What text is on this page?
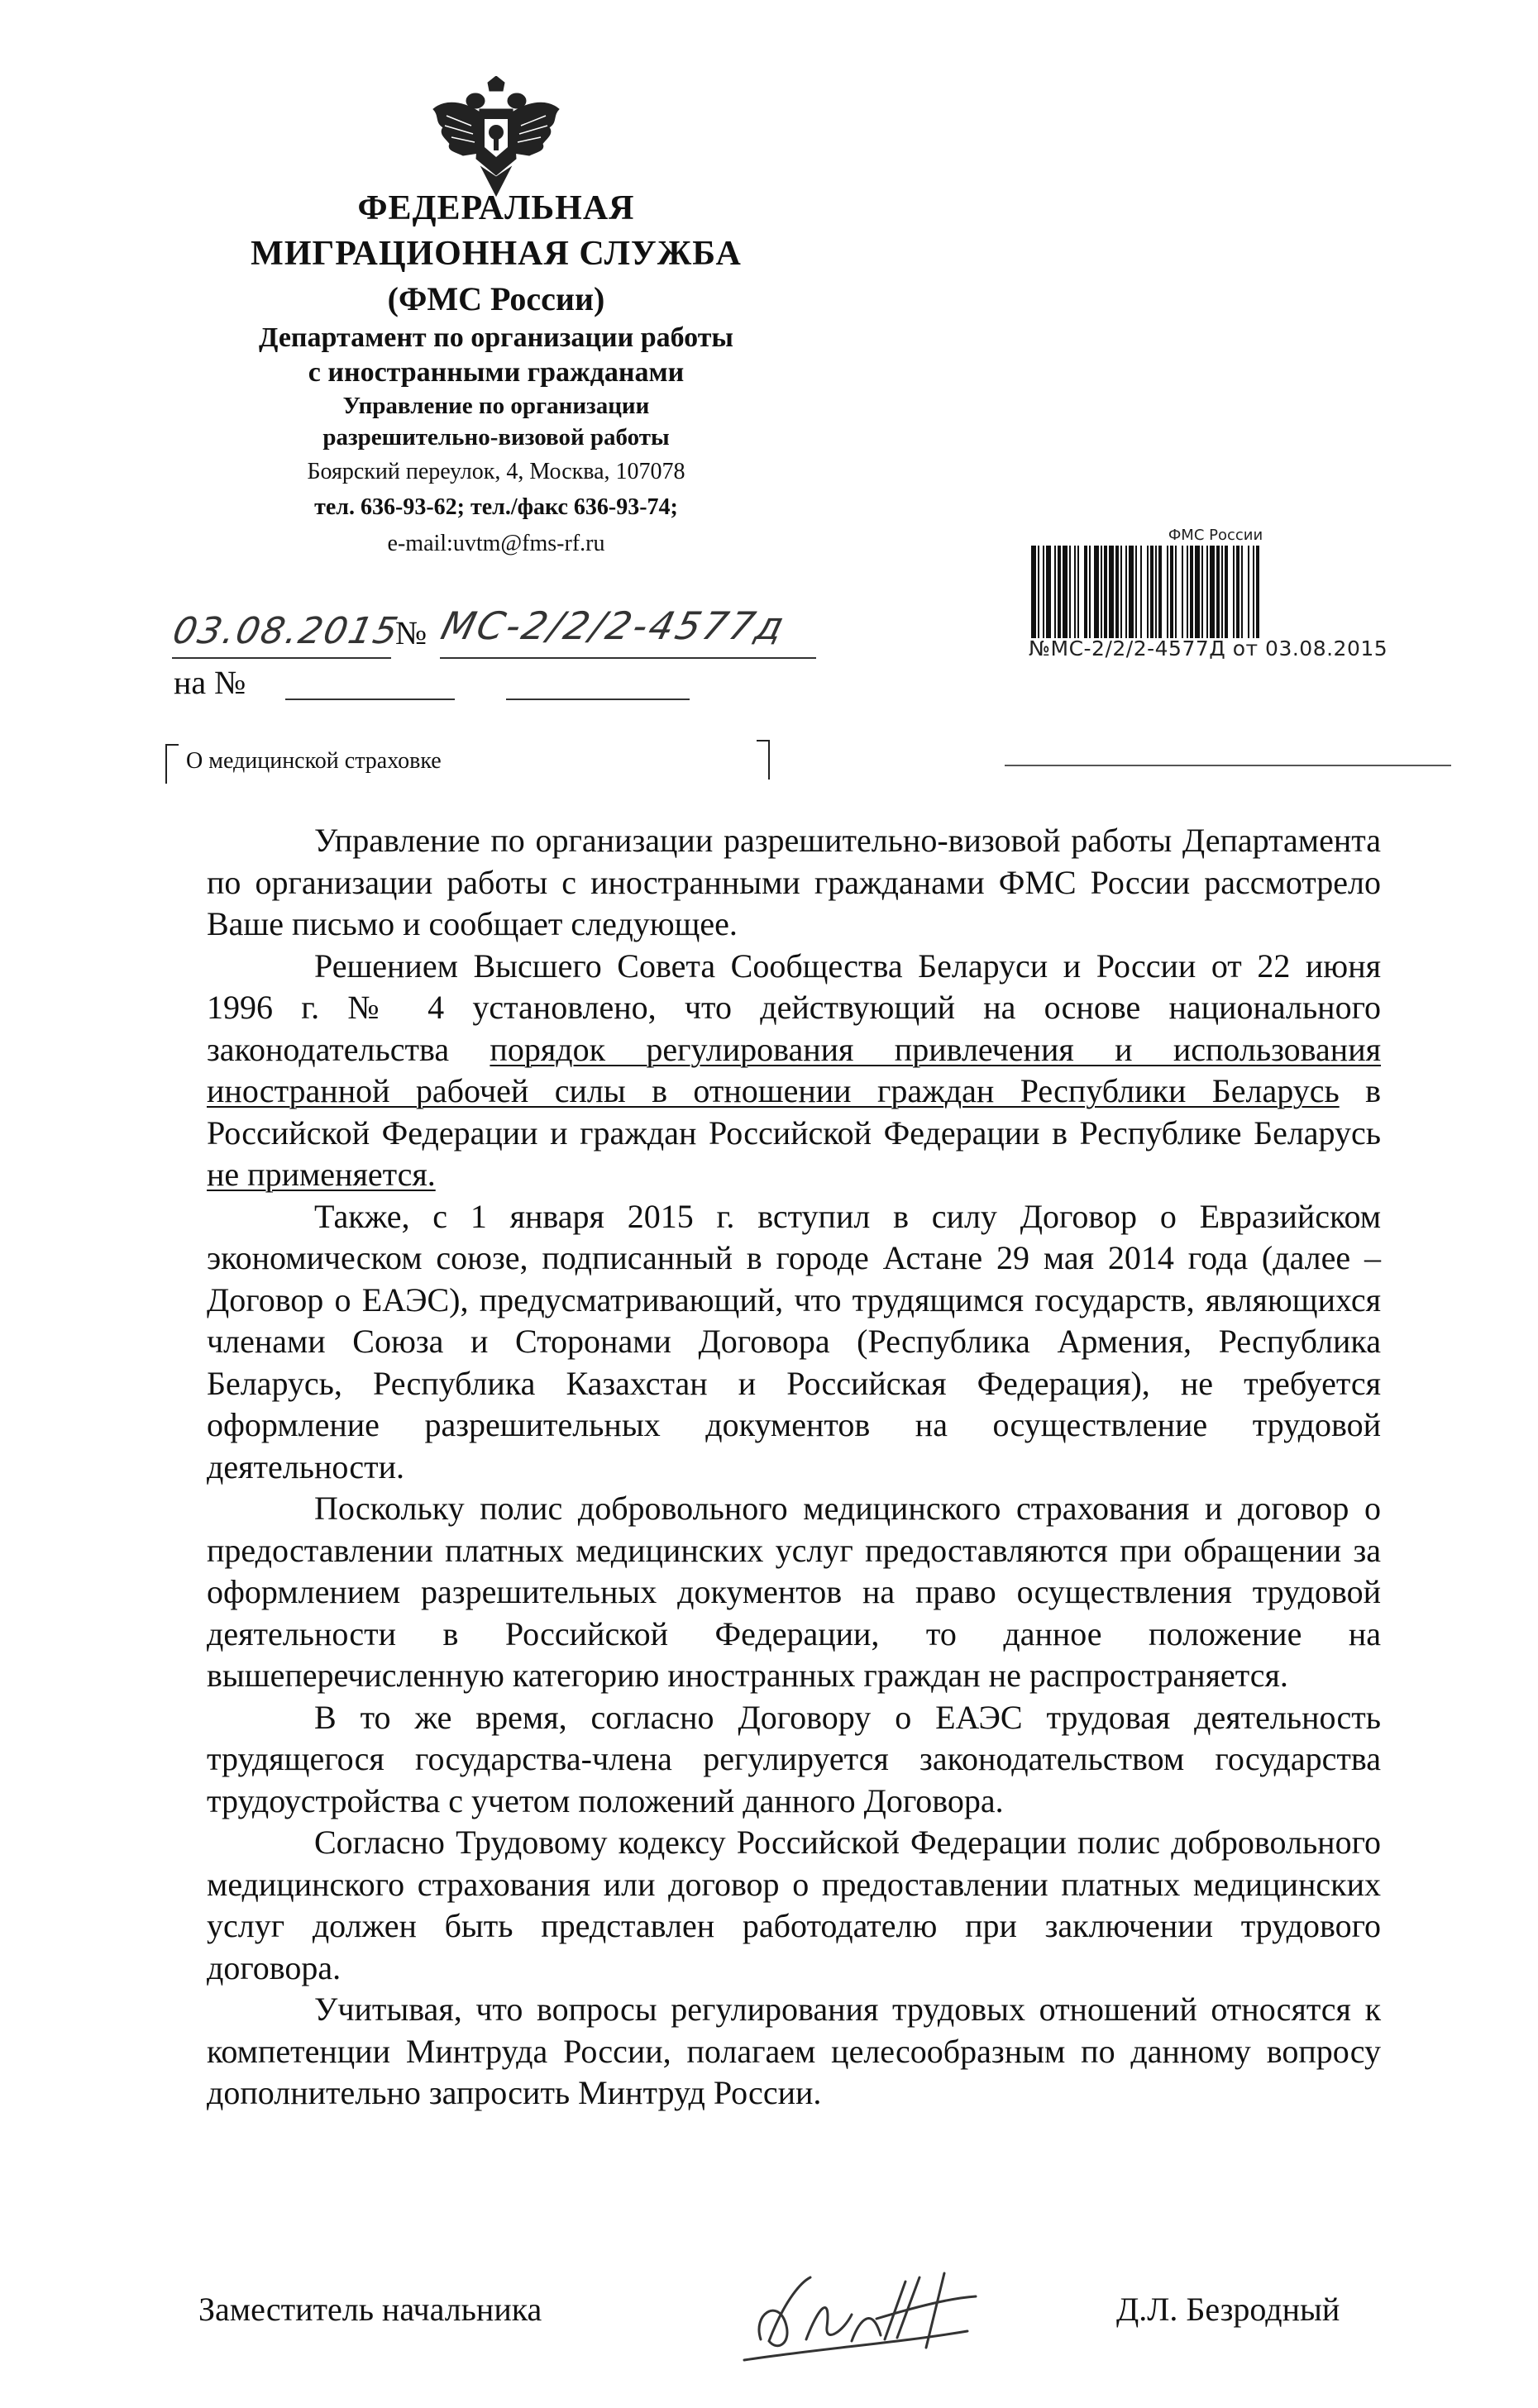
ФЕДЕРАЛЬНАЯ
МИГРАЦИОННАЯ СЛУЖБА
(ФМС России)
Департамент по организации работы
с иностранными гражданами
Управление по организации
разрешительно-визовой работы
Боярский переулок, 4, Москва, 107078
тел. 636-93-62; тел./факс 636-93-74;
e-mail:uvtm@fms-rf.ru
03.08.2015
№ МС-2/2/2-4577д
на №
ФМС России
№МС-2/2/2-4577Д от 03.08.2015
О медицинской страховке

Управление по организации разрешительно-визовой работы Департамента по организации работы с иностранными гражданами ФМС России рассмотрело Ваше письмо и сообщает следующее.

Решением Высшего Совета Сообщества Беларуси и России от 22 июня 1996 г. № 4 установлено, что действующий на основе национального законодательства порядок регулирования привлечения и использования иностранной рабочей силы в отношении граждан Республики Беларусь в Российской Федерации и граждан Российской Федерации в Республике Беларусь не применяется.

Также, с 1 января 2015 г. вступил в силу Договор о Евразийском экономическом союзе, подписанный в городе Астане 29 мая 2014 года (далее – Договор о ЕАЭС), предусматривающий, что трудящимся государств, являющихся членами Союза и Сторонами Договора (Республика Армения, Республика Беларусь, Республика Казахстан и Российская Федерация), не требуется оформление разрешительных документов на осуществление трудовой деятельности.

Поскольку полис добровольного медицинского страхования и договор о предоставлении платных медицинских услуг предоставляются при обращении за оформлением разрешительных документов на право осуществления трудовой деятельности в Российской Федерации, то данное положение на вышеперечисленную категорию иностранных граждан не распространяется.

В то же время, согласно Договору о ЕАЭС трудовая деятельность трудящегося государства-члена регулируется законодательством государства трудоустройства с учетом положений данного Договора.

Согласно Трудовому кодексу Российской Федерации полис добровольного медицинского страхования или договор о предоставлении платных медицинских услуг должен быть представлен работодателю при заключении трудового договора.

Учитывая, что вопросы регулирования трудовых отношений относятся к компетенции Минтруда России, полагаем целесообразным по данному вопросу дополнительно запросить Минтруд России.

Заместитель начальника	Д.Л. Безродный
